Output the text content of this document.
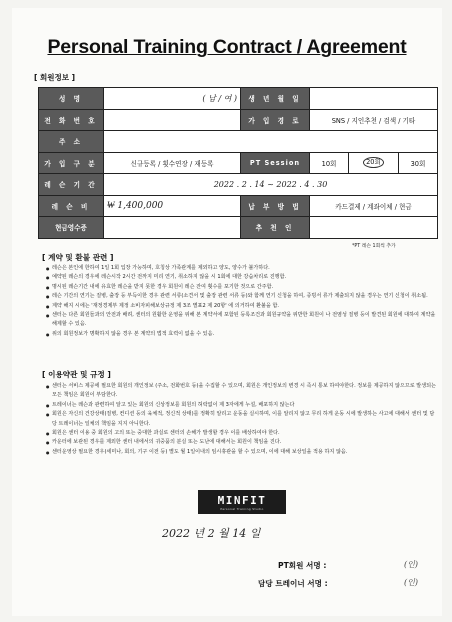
Personal Training Contract / Agreement
[ 회원정보 ]
성 명	( 남 / 여 )	생 년 월 일			
전 화 번 호		가 입 경 로	SNS / 지인추천 / 검색 / 기타		
주 소					
가 입 구 분	신규등록 / 횟수연장 / 재등록	PT Session	10회	20회	30회
레 슨 기 간	2022 . 2 . 14 ~ 2022 . 4 . 30				
레 슨 비	₩ 1,400,000	납 부 방 법	카드결제 / 계좌이체 / 현금		
현금영수증		추 천 인			
*PT 레슨 1회씩 추가
[ 계약 및 환불 관련 ]
● 레슨은 본인에 한하여 1일 1회 입장 가능하며, 호칭상 가족관계를 제외하고 양도, 양수가 불가하다.
● 예약된 레슨의 경우에 레슨시작 2시간 전까지 미리 연기, 취소하지 않을 시 1회에 대한 강습차리로 진행함.
● 명시된 레슨기간 내에 유효한 레슨을 받지 못한 경우 회원이 레슨 잔여 횟수를 포기한 것으로 간주함.
● 레슨 기간의 연기는 질병, 출장 등 부득이한 경우 관련 서류(소견서 및 출장 관련 서류 등)와 함께 연기 신청을 하여, 증빙서 류가 제출되지 않을 경우는 연기 신청이 취소됨.
● 계약 해지 시에는 '재정경제부 제정 소비자피해보상규정 제 3조 별표2 제 20항' 에 의거하여 환불을 함.
● 센터는 다른 회원들과의 안전과 배려, 센터의 원활한 운영을 위해 본 계약서에 포함된 등록조건과 회원규약을 위반한 회원이 나 전염성 질병 등이 발견된 회원에 대하여 계약을 해제할 수 있음.
● 위의 회원정보가 명확하지 않을 경우 본 계약의 법적 효력이 없을 수 있음.
[ 이용약관 및 규정 ]
● 센터는 서비스 제공에 필요한 회원의 개인정보 (주소, 전화번호 등)을 수집할 수 있으며, 회원은 개인정보의 변경 시 즉시 통보 하여야한다. 정보를 제공하지 않으므로 발생되는 모든 책임은 회원이 부담한다.
● 트레이너는 레슨과 관련하여 알고 있는 회원의 신상정보를 회원의 허락없이 제 3자에게 누설, 배포하지 않는다
● 회원은 자신의 건강상태(질병, 컨디션 등의 육체적, 정신적 상태)를 정확히 알리고 운동을 실시하며, 이를 알리지 않고 무리 하게 운동 시에 발생하는 사고에 대해서 센터 및 담당 트레이너는 일체의 책임을 지지 아니한다.
● 회원은 센터 이용 중 회원의 고의 또는 중대한 과실로 센터의 손해가 발생할 경우 이를 배상하여야 한다.
● 카운터에 보관된 경우를 제외한 센터 내에서의 귀중품의 분실 또는 도난에 대해서는 회원이 책임을 진다.
● 센터운영상 필요한 경우(세미나, 회의, 기구 이전 등) 별도 월 1일이내의 임시휴관을 할 수 있으며, 이에 대해 보상일을 적용 하지 않음.
MINFIT
Personal Training Studio
2022 년 2 월 14 일
PT회원 서명 :	(인)
담당 트레이너 서명 :	(인)
